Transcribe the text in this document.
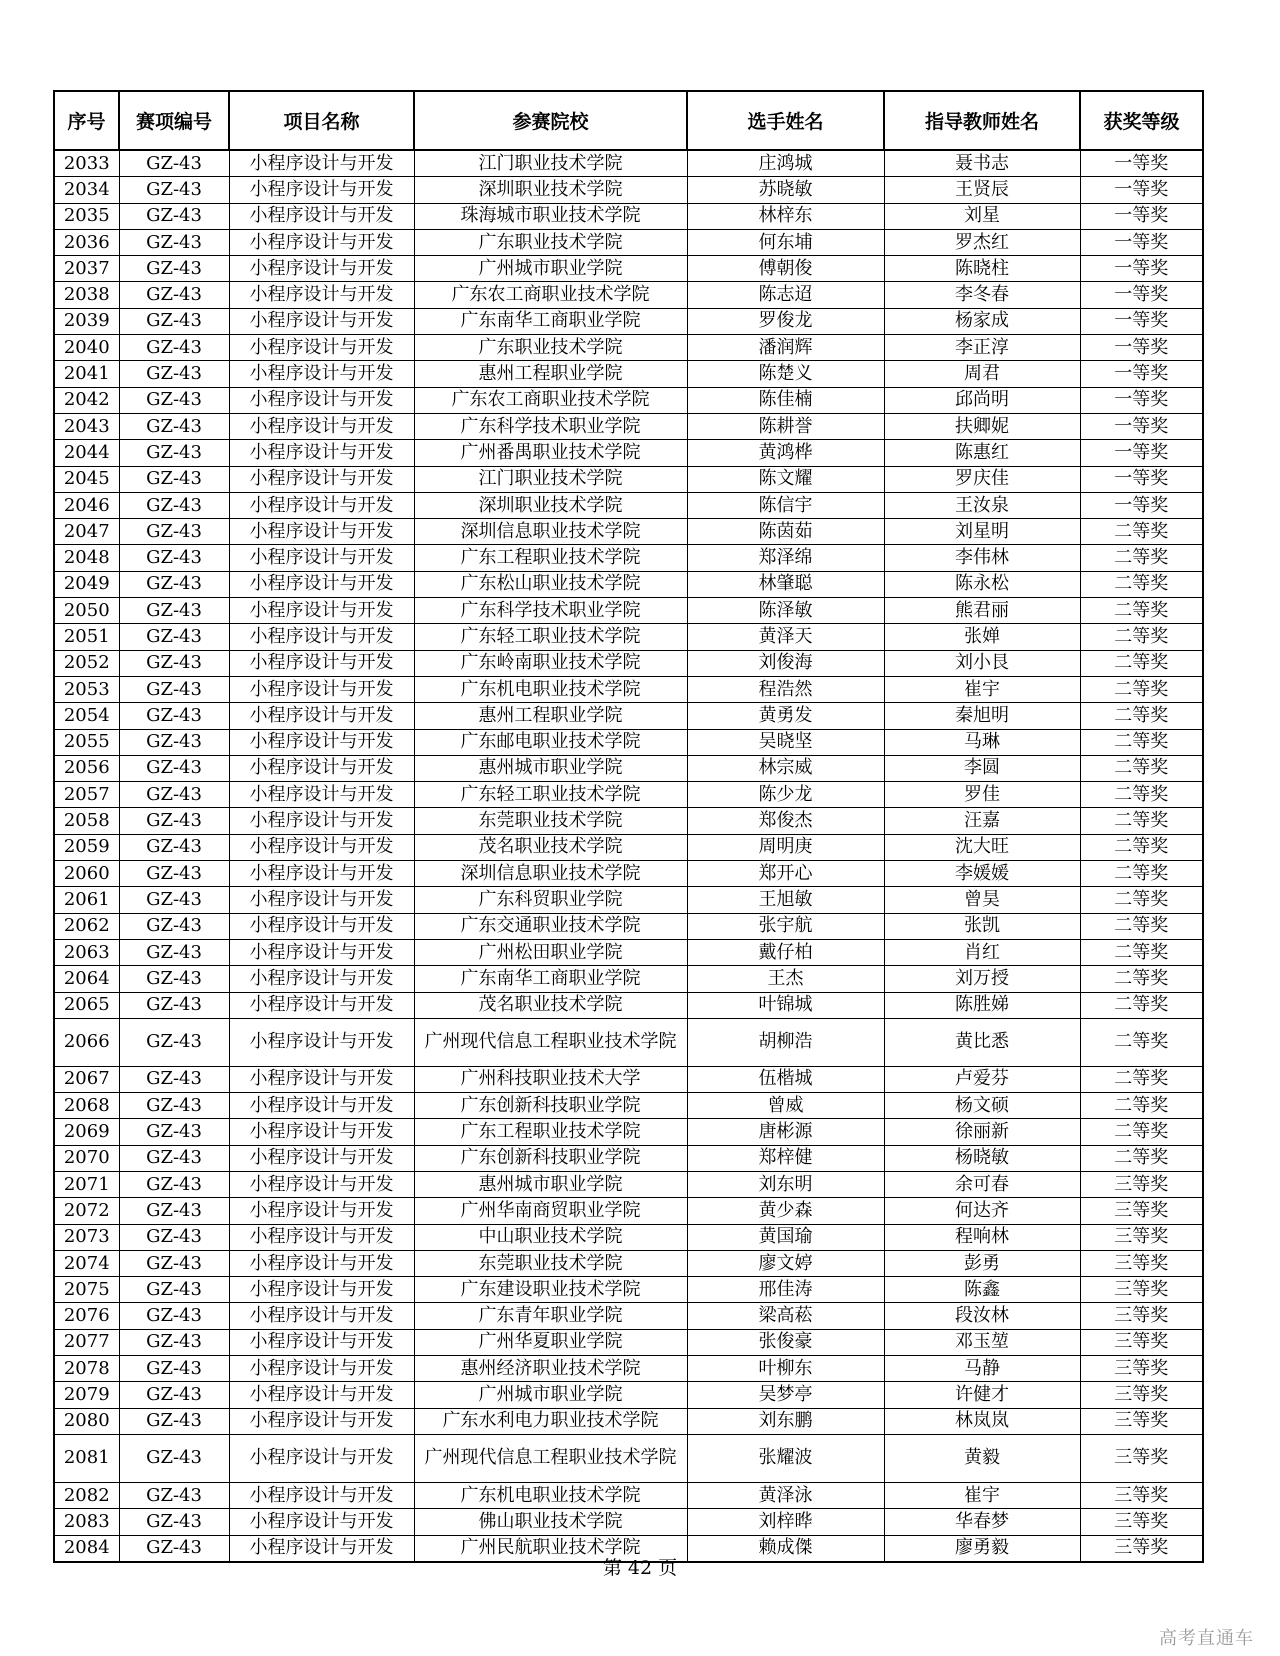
序号	赛项编号	项目名称	参赛院校	选手姓名	指导教师姓名	获奖等级
2033	GZ-43	小程序设计与开发	江门职业技术学院	庄鸿城	聂书志	一等奖
2034	GZ-43	小程序设计与开发	深圳职业技术学院	苏晓敏	王贤辰	一等奖
2035	GZ-43	小程序设计与开发	珠海城市职业技术学院	林梓东	刘星	一等奖
2036	GZ-43	小程序设计与开发	广东职业技术学院	何东埔	罗杰红	一等奖
2037	GZ-43	小程序设计与开发	广州城市职业学院	傅朝俊	陈晓柱	一等奖
2038	GZ-43	小程序设计与开发	广东农工商职业技术学院	陈志迢	李冬春	一等奖
2039	GZ-43	小程序设计与开发	广东南华工商职业学院	罗俊龙	杨家成	一等奖
2040	GZ-43	小程序设计与开发	广东职业技术学院	潘润辉	李正淳	一等奖
2041	GZ-43	小程序设计与开发	惠州工程职业学院	陈楚义	周君	一等奖
2042	GZ-43	小程序设计与开发	广东农工商职业技术学院	陈佳楠	邱尚明	一等奖
2043	GZ-43	小程序设计与开发	广东科学技术职业学院	陈耕誉	扶卿妮	一等奖
2044	GZ-43	小程序设计与开发	广州番禺职业技术学院	黄鸿桦	陈惠红	一等奖
2045	GZ-43	小程序设计与开发	江门职业技术学院	陈文耀	罗庆佳	一等奖
2046	GZ-43	小程序设计与开发	深圳职业技术学院	陈信宇	王汝泉	一等奖
2047	GZ-43	小程序设计与开发	深圳信息职业技术学院	陈茵茹	刘星明	二等奖
2048	GZ-43	小程序设计与开发	广东工程职业技术学院	郑泽绵	李伟林	二等奖
2049	GZ-43	小程序设计与开发	广东松山职业技术学院	林肇聪	陈永松	二等奖
2050	GZ-43	小程序设计与开发	广东科学技术职业学院	陈泽敏	熊君丽	二等奖
2051	GZ-43	小程序设计与开发	广东轻工职业技术学院	黄泽天	张婵	二等奖
2052	GZ-43	小程序设计与开发	广东岭南职业技术学院	刘俊海	刘小艮	二等奖
2053	GZ-43	小程序设计与开发	广东机电职业技术学院	程浩然	崔宇	二等奖
2054	GZ-43	小程序设计与开发	惠州工程职业学院	黄勇发	秦旭明	二等奖
2055	GZ-43	小程序设计与开发	广东邮电职业技术学院	吴晓坚	马琳	二等奖
2056	GZ-43	小程序设计与开发	惠州城市职业学院	林宗威	李圆	二等奖
2057	GZ-43	小程序设计与开发	广东轻工职业技术学院	陈少龙	罗佳	二等奖
2058	GZ-43	小程序设计与开发	东莞职业技术学院	郑俊杰	汪嘉	二等奖
2059	GZ-43	小程序设计与开发	茂名职业技术学院	周明庚	沈大旺	二等奖
2060	GZ-43	小程序设计与开发	深圳信息职业技术学院	郑开心	李媛媛	二等奖
2061	GZ-43	小程序设计与开发	广东科贸职业学院	王旭敏	曾昊	二等奖
2062	GZ-43	小程序设计与开发	广东交通职业技术学院	张宇航	张凯	二等奖
2063	GZ-43	小程序设计与开发	广州松田职业学院	戴仔柏	肖红	二等奖
2064	GZ-43	小程序设计与开发	广东南华工商职业学院	王杰	刘万授	二等奖
2065	GZ-43	小程序设计与开发	茂名职业技术学院	叶锦城	陈胜娣	二等奖
2066	GZ-43	小程序设计与开发	广州现代信息工程职业技术学院	胡柳浩	黄比悉	二等奖
2067	GZ-43	小程序设计与开发	广州科技职业技术大学	伍楷城	卢爱芬	二等奖
2068	GZ-43	小程序设计与开发	广东创新科技职业学院	曾威	杨文硕	二等奖
2069	GZ-43	小程序设计与开发	广东工程职业技术学院	唐彬源	徐丽新	二等奖
2070	GZ-43	小程序设计与开发	广东创新科技职业学院	郑梓健	杨晓敏	二等奖
2071	GZ-43	小程序设计与开发	惠州城市职业学院	刘东明	余可春	三等奖
2072	GZ-43	小程序设计与开发	广州华南商贸职业学院	黄少森	何达齐	三等奖
2073	GZ-43	小程序设计与开发	中山职业技术学院	黄国瑜	程响林	三等奖
2074	GZ-43	小程序设计与开发	东莞职业技术学院	廖文婷	彭勇	三等奖
2075	GZ-43	小程序设计与开发	广东建设职业技术学院	邢佳涛	陈鑫	三等奖
2076	GZ-43	小程序设计与开发	广东青年职业学院	梁高菘	段汝林	三等奖
2077	GZ-43	小程序设计与开发	广州华夏职业学院	张俊豪	邓玉堃	三等奖
2078	GZ-43	小程序设计与开发	惠州经济职业技术学院	叶柳东	马静	三等奖
2079	GZ-43	小程序设计与开发	广州城市职业学院	吴梦亭	许健才	三等奖
2080	GZ-43	小程序设计与开发	广东水利电力职业技术学院	刘东鹏	林岚岚	三等奖
2081	GZ-43	小程序设计与开发	广州现代信息工程职业技术学院	张耀波	黄毅	三等奖
2082	GZ-43	小程序设计与开发	广东机电职业技术学院	黄泽泳	崔宇	三等奖
2083	GZ-43	小程序设计与开发	佛山职业技术学院	刘梓晔	华春梦	三等奖
2084	GZ-43	小程序设计与开发	广州民航职业技术学院	赖成傑	廖勇毅	三等奖
第 42 页
高考直通车
